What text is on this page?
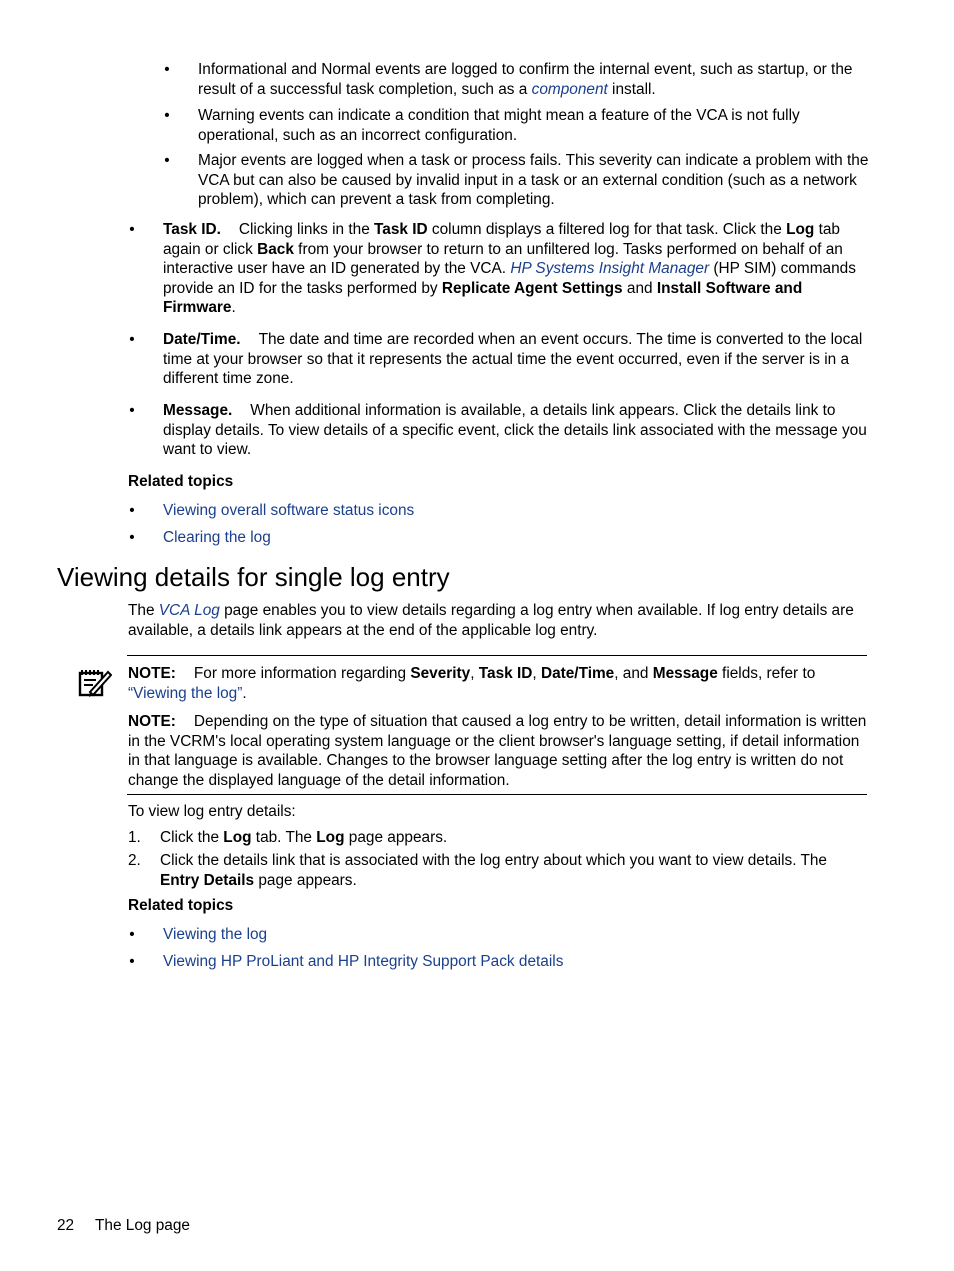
• Informational and Normal events are logged to confirm the internal event, such as startup, or the result of a successful task completion, such as a component install.

• Warning events can indicate a condition that might mean a feature of the VCA is not fully operational, such as an incorrect configuration.

• Major events are logged when a task or process fails. This severity can indicate a problem with the VCA but can also be caused by invalid input in a task or an external condition (such as a network problem), which can prevent a task from completing.

• Task ID. Clicking links in the Task ID column displays a filtered log for that task. Click the Log tab again or click Back from your browser to return to an unfiltered log. Tasks performed on behalf of an interactive user have an ID generated by the VCA. HP Systems Insight Manager (HP SIM) commands provide an ID for the tasks performed by Replicate Agent Settings and Install Software and Firmware.

• Date/Time. The date and time are recorded when an event occurs. The time is converted to the local time at your browser so that it represents the actual time the event occurred, even if the server is in a different time zone.

• Message. When additional information is available, a details link appears. Click the details link to display details. To view details of a specific event, click the details link associated with the message you want to view.

Related topics

• Viewing overall software status icons

• Clearing the log

Viewing details for single log entry

The VCA Log page enables you to view details regarding a log entry when available. If log entry details are available, a details link appears at the end of the applicable log entry.

NOTE: For more information regarding Severity, Task ID, Date/Time, and Message fields, refer to “Viewing the log”.

NOTE: Depending on the type of situation that caused a log entry to be written, detail information is written in the VCRM's local operating system language or the client browser's language setting, if detail information in that language is available. Changes to the browser language setting after the log entry is written do not change the displayed language of the detail information.

To view log entry details:

1.	Click the Log tab. The Log page appears.

2.	Click the details link that is associated with the log entry about which you want to view details. The Entry Details page appears.

Related topics

• Viewing the log

• Viewing HP ProLiant and HP Integrity Support Pack details

22 The Log page
